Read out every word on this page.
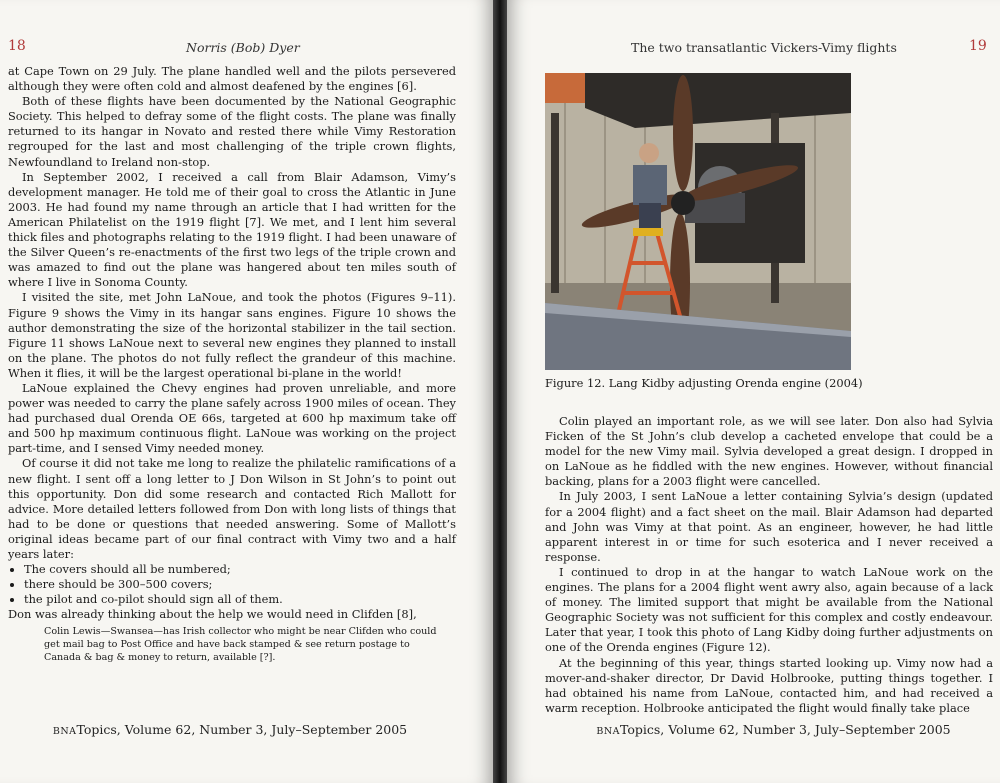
18	Norris (Bob) Dyer

at Cape Town on 29 July. The plane handled well and the pilots persevered although they were often cold and almost deafened by the engines [6].

Both of these flights have been documented by the National Geographic Society. This helped to defray some of the flight costs. The plane was finally returned to its hangar in Novato and rested there while Vimy Restoration regrouped for the last and most challenging of the triple crown flights, Newfoundland to Ireland non-stop.

In September 2002, I received a call from Blair Adamson, Vimy’s development manager. He told me of their goal to cross the Atlantic in June 2003. He had found my name through an article that I had written for the American Philatelist on the 1919 flight [7]. We met, and I lent him several thick files and photographs relating to the 1919 flight. I had been unaware of the Silver Queen’s re-enactments of the first two legs of the triple crown and was amazed to find out the plane was hangered about ten miles south of where I live in Sonoma County.

I visited the site, met John LaNoue, and took the photos (Figures 9–11). Figure 9 shows the Vimy in its hangar sans engines. Figure 10 shows the author demonstrating the size of the horizontal stabilizer in the tail section. Figure 11 shows LaNoue next to several new engines they planned to install on the plane. The photos do not fully reflect the grandeur of this machine. When it flies, it will be the largest operational bi-plane in the world!

LaNoue explained the Chevy engines had proven unreliable, and more power was needed to carry the plane safely across 1900 miles of ocean. They had purchased dual Orenda OE 66s, targeted at 600 hp maximum take off and 500 hp maximum continuous flight. LaNoue was working on the project part-time, and I sensed Vimy needed money.

Of course it did not take me long to realize the philatelic ramifications of a new flight. I sent off a long letter to J Don Wilson in St John’s to point out this opportunity. Don did some research and contacted Rich Mallott for advice. More detailed letters followed from Don with long lists of things that had to be done or questions that needed answering. Some of Mallott’s original ideas became part of our final contract with Vimy two and a half years later:

• The covers should all be numbered;
• there should be 300–500 covers;
• the pilot and co-pilot should sign all of them.

Don was already thinking about the help we would need in Clifden [8],

Colin Lewis—Swansea—has Irish collector who might be near Clifden who could get mail bag to Post Office and have back stamped & see return postage to Canada & bag & money to return, available [?].
BNATopics, Volume 62, Number 3, July–September 2005
The two transatlantic Vickers-Vimy flights	19
Figure 12. Lang Kidby adjusting Orenda engine (2004)

Colin played an important role, as we will see later. Don also had Sylvia Ficken of the St John’s club develop a cacheted envelope that could be a model for the new Vimy mail. Sylvia developed a great design. I dropped in on LaNoue as he fiddled with the new engines. However, without financial backing, plans for a 2003 flight were cancelled.

In July 2003, I sent LaNoue a letter containing Sylvia’s design (updated for a 2004 flight) and a fact sheet on the mail. Blair Adamson had departed and John was Vimy at that point. As an engineer, however, he had little apparent interest in or time for such esoterica and I never received a response.

I continued to drop in at the hangar to watch LaNoue work on the engines. The plans for a 2004 flight went awry also, again because of a lack of money. The limited support that might be available from the National Geographic Society was not sufficient for this complex and costly endeavour. Later that year, I took this photo of Lang Kidby doing further adjustments on one of the Orenda engines (Figure 12).

At the beginning of this year, things started looking up. Vimy now had a mover-and-shaker director, Dr David Holbrooke, putting things together. I had obtained his name from LaNoue, contacted him, and had received a warm reception. Holbrooke anticipated the flight would finally take place

BNATopics, Volume 62, Number 3, July–September 2005
